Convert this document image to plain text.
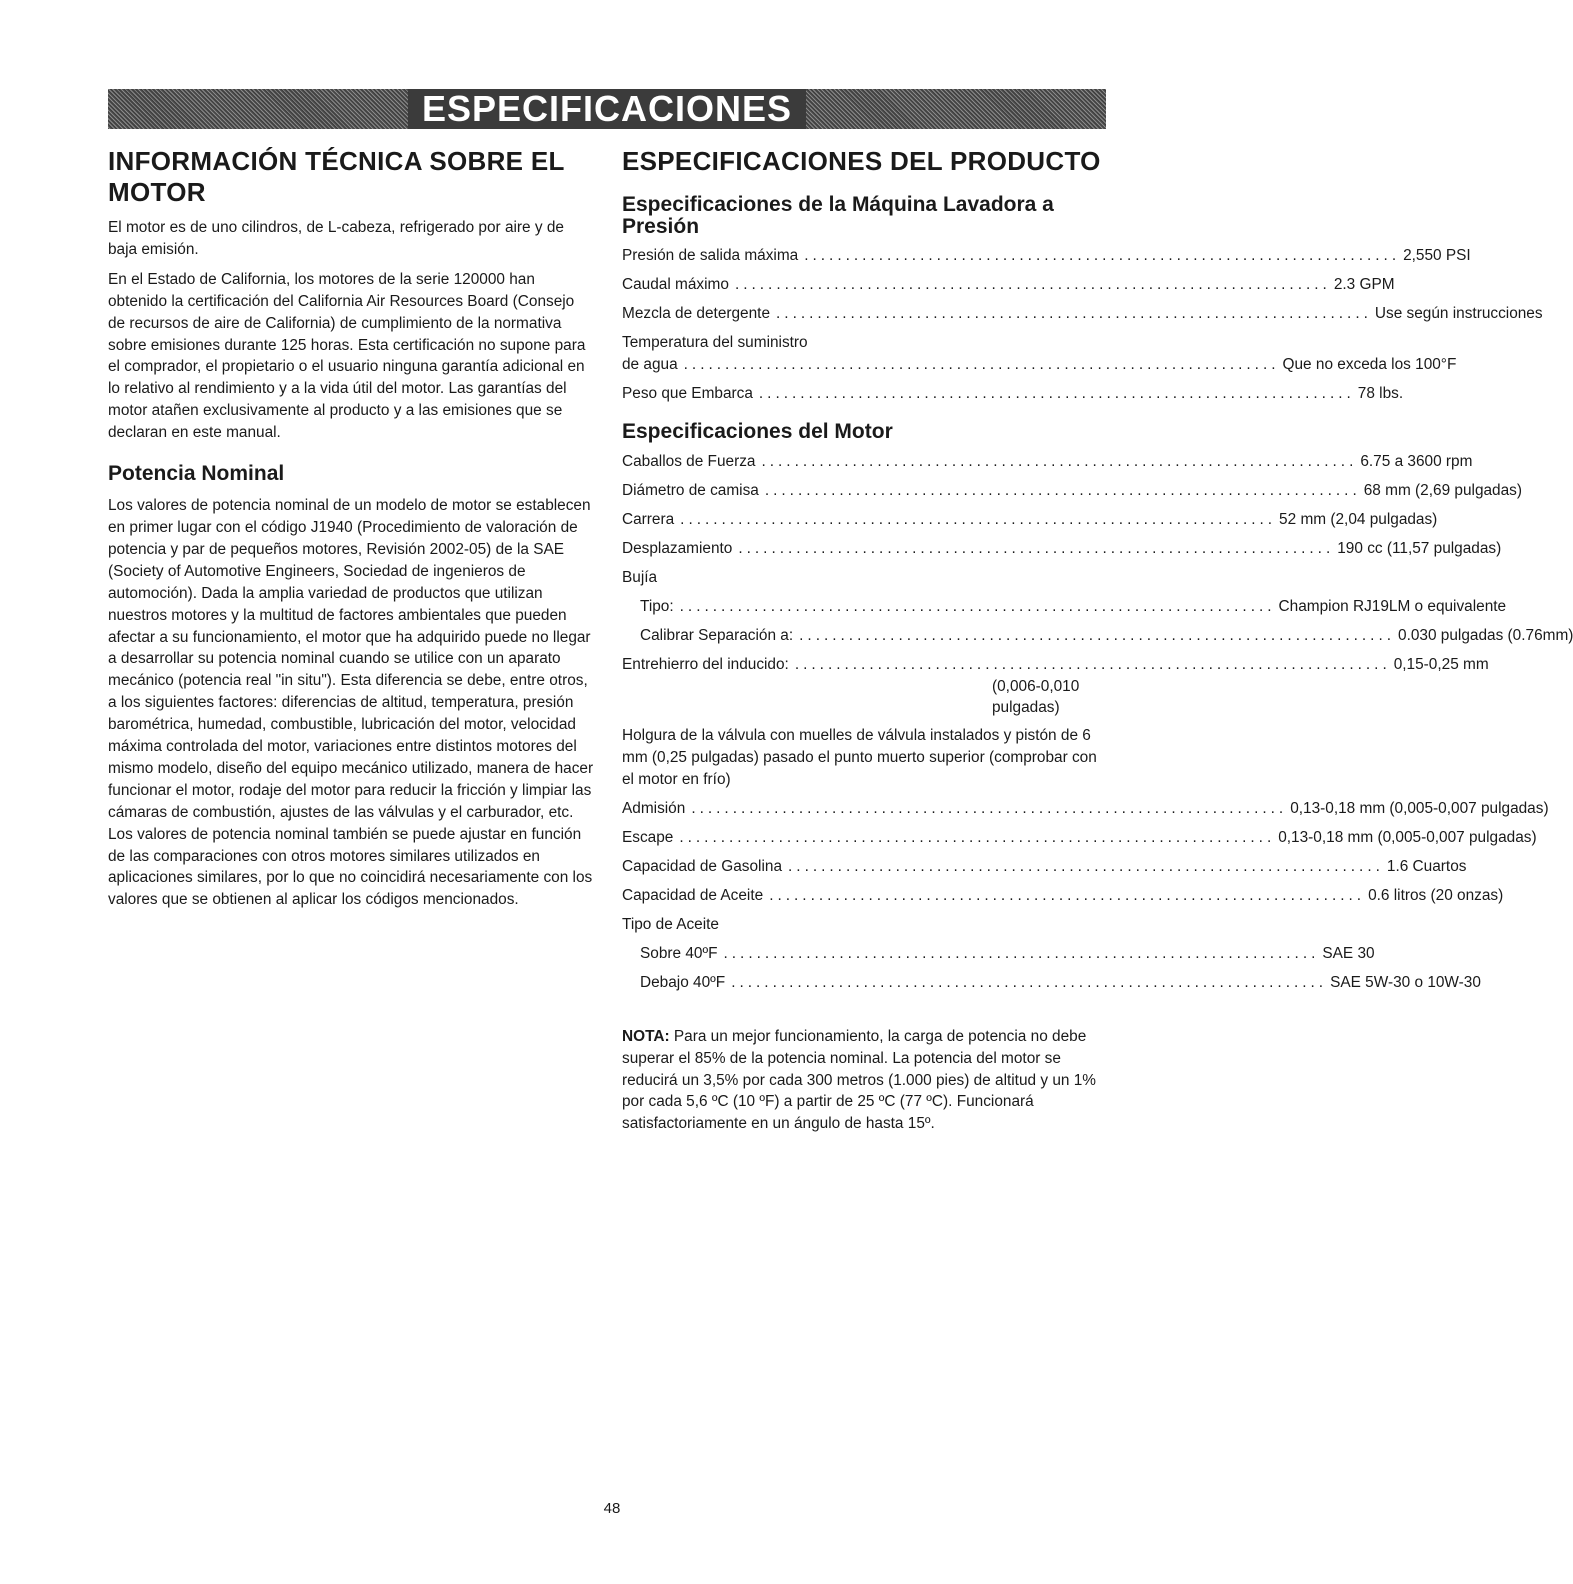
ESPECIFICACIONES
INFORMACIÓN TÉCNICA SOBRE EL MOTOR

El motor es de uno cilindros, de L-cabeza, refrigerado por aire y de baja emisión.

En el Estado de California, los motores de la serie 120000 han obtenido la certificación del California Air Resources Board (Consejo de recursos de aire de California) de cumplimiento de la normativa sobre emisiones durante 125 horas. Esta certificación no supone para el comprador, el propietario o el usuario ninguna garantía adicional en lo relativo al rendimiento y a la vida útil del motor. Las garantías del motor atañen exclusivamente al producto y a las emisiones que se declaran en este manual.

Potencia Nominal

Los valores de potencia nominal de un modelo de motor se establecen en primer lugar con el código J1940 (Procedimiento de valoración de potencia y par de pequeños motores, Revisión 2002-05) de la SAE (Society of Automotive Engineers, Sociedad de ingenieros de automoción). Dada la amplia variedad de productos que utilizan nuestros motores y la multitud de factores ambientales que pueden afectar a su funcionamiento, el motor que ha adquirido puede no llegar a desarrollar su potencia nominal cuando se utilice con un aparato mecánico (potencia real "in situ"). Esta diferencia se debe, entre otros, a los siguientes factores: diferencias de altitud, temperatura, presión barométrica, humedad, combustible, lubricación del motor, velocidad máxima controlada del motor, variaciones entre distintos motores del mismo modelo, diseño del equipo mecánico utilizado, manera de hacer funcionar el motor, rodaje del motor para reducir la fricción y limpiar las cámaras de combustión, ajustes de las válvulas y el carburador, etc. Los valores de potencia nominal también se puede ajustar en función de las comparaciones con otros motores similares utilizados en aplicaciones similares, por lo que no coincidirá necesariamente con los valores que se obtienen al aplicar los códigos mencionados.

ESPECIFICACIONES DEL PRODUCTO
Especificaciones de la Máquina Lavadora a Presión
Presión de salida máxima ........................................................................ 2,550 PSI
Caudal máximo ........................................................................ 2.3 GPM
Mezcla de detergente ........................................................................ Use según instrucciones
Temperatura del suministro
de agua ........................................................................ Que no exceda los 100°F
Peso que Embarca ........................................................................ 78 lbs.
Especificaciones del Motor
Caballos de Fuerza ........................................................................ 6.75 a 3600 rpm
Diámetro de camisa ........................................................................ 68 mm (2,69 pulgadas)
Carrera ........................................................................ 52 mm (2,04 pulgadas)
Desplazamiento ........................................................................ 190 cc (11,57 pulgadas)
Bujía
Tipo: ........................................................................ Champion RJ19LM o equivalente
Calibrar Separación a: ........................................................................ 0.030 pulgadas (0.76mm)
Entrehierro del inducido: ........................................................................ 0,15-0,25 mm
(0,006-0,010
pulgadas)

Holgura de la válvula con muelles de válvula instalados y pistón de 6 mm (0,25 pulgadas) pasado el punto muerto superior (comprobar con el motor en frío)

Admisión ........................................................................ 0,13-0,18 mm (0,005-0,007 pulgadas)
Escape ........................................................................ 0,13-0,18 mm (0,005-0,007 pulgadas)
Capacidad de Gasolina ........................................................................ 1.6 Cuartos
Capacidad de Aceite ........................................................................ 0.6 litros (20 onzas)
Tipo de Aceite
Sobre 40ºF ........................................................................ SAE 30
Debajo 40ºF ........................................................................ SAE 5W-30 o 10W-30

NOTA: Para un mejor funcionamiento, la carga de potencia no debe superar el 85% de la potencia nominal. La potencia del motor se reducirá un 3,5% por cada 300 metros (1.000 pies) de altitud y un 1% por cada 5,6 ºC (10 ºF) a partir de 25 ºC (77 ºC). Funcionará satisfactoriamente en un ángulo de hasta 15º.

48
